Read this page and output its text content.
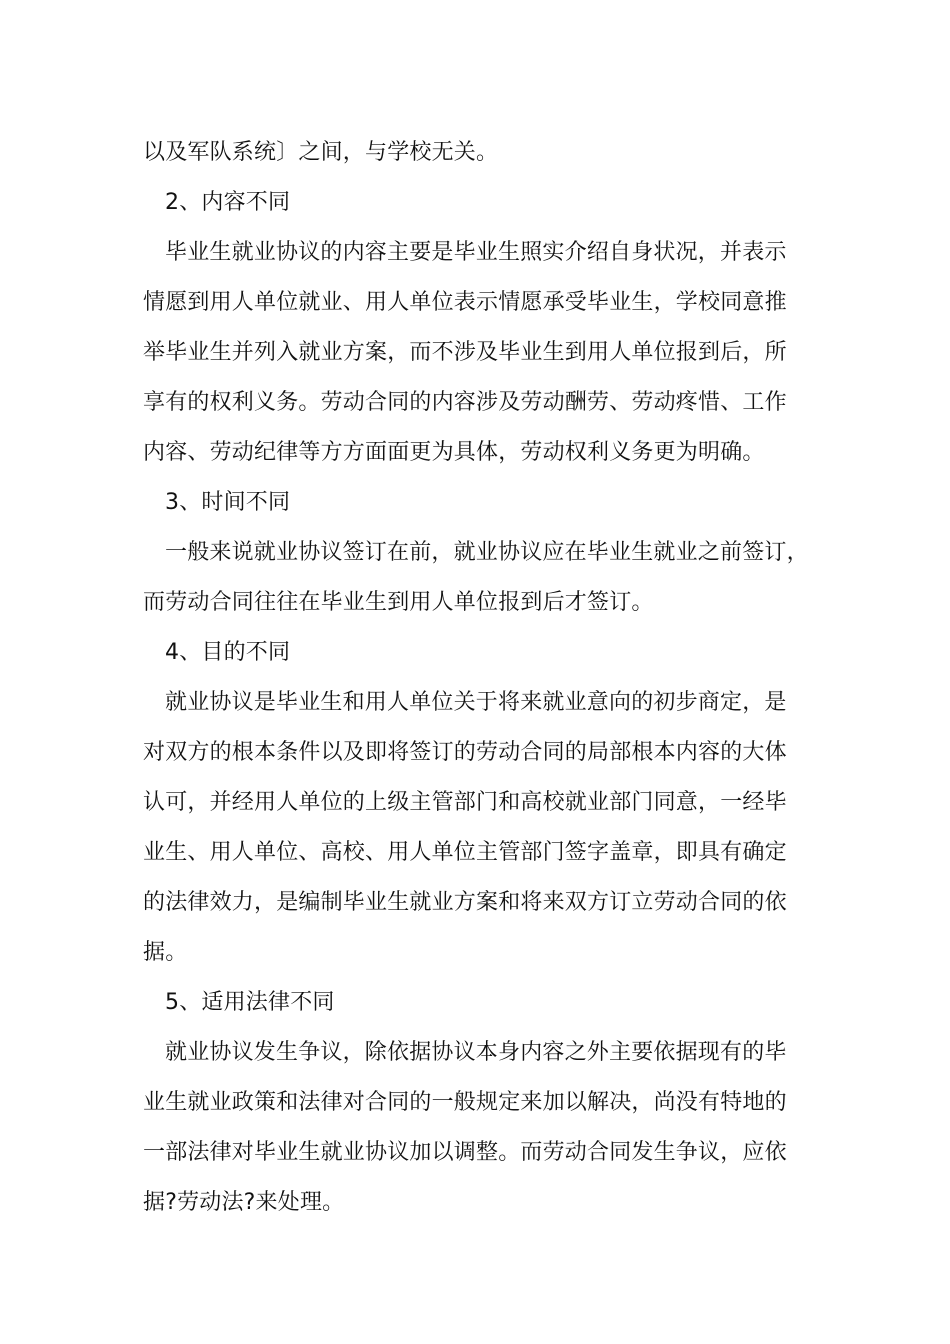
以及军队系统〕之间，与学校无关。
2、内容不同
毕业生就业协议的内容主要是毕业生照实介绍自身状况，并表示
情愿到用人单位就业、用人单位表示情愿承受毕业生，学校同意推
举毕业生并列入就业方案，而不涉及毕业生到用人单位报到后，所
享有的权利义务。劳动合同的内容涉及劳动酬劳、劳动疼惜、工作
内容、劳动纪律等方方面面更为具体，劳动权利义务更为明确。
3、时间不同
一般来说就业协议签订在前，就业协议应在毕业生就业之前签订，
而劳动合同往往在毕业生到用人单位报到后才签订。
4、目的不同
就业协议是毕业生和用人单位关于将来就业意向的初步商定，是
对双方的根本条件以及即将签订的劳动合同的局部根本内容的大体
认可，并经用人单位的上级主管部门和高校就业部门同意，一经毕
业生、用人单位、高校、用人单位主管部门签字盖章，即具有确定
的法律效力，是编制毕业生就业方案和将来双方订立劳动合同的依
据。
5、适用法律不同
就业协议发生争议，除依据协议本身内容之外主要依据现有的毕
业生就业政策和法律对合同的一般规定来加以解决，尚没有特地的
一部法律对毕业生就业协议加以调整。而劳动合同发生争议，应依
据?劳动法?来处理。
